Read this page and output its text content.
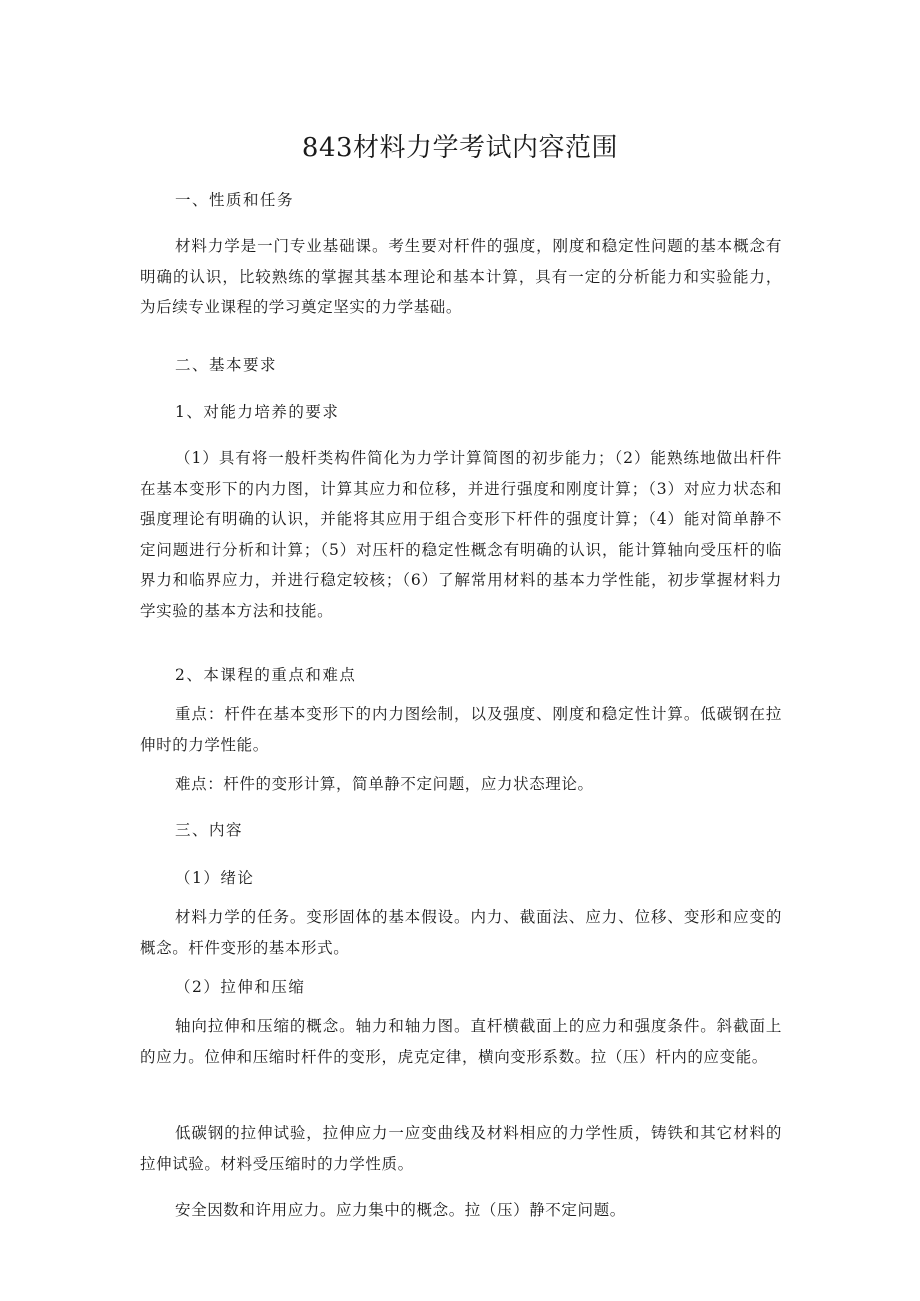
843材料力学考试内容范围

一、性质和任务

材料力学是一门专业基础课。考生要对杆件的强度，刚度和稳定性问题的基本概念有明确的认识，比较熟练的掌握其基本理论和基本计算，具有一定的分析能力和实验能力，为后续专业课程的学习奠定坚实的力学基础。

二、基本要求

1、对能力培养的要求

（1）具有将一般杆类构件简化为力学计算简图的初步能力；（2）能熟练地做出杆件在基本变形下的内力图，计算其应力和位移，并进行强度和刚度计算；（3）对应力状态和强度理论有明确的认识，并能将其应用于组合变形下杆件的强度计算；（4）能对简单静不定问题进行分析和计算；（5）对压杆的稳定性概念有明确的认识，能计算轴向受压杆的临界力和临界应力，并进行稳定较核；（6）了解常用材料的基本力学性能，初步掌握材料力学实验的基本方法和技能。

2、本课程的重点和难点

重点：杆件在基本变形下的内力图绘制，以及强度、刚度和稳定性计算。低碳钢在拉伸时的力学性能。

难点：杆件的变形计算，简单静不定问题，应力状态理论。

三、内容

（1）绪论

材料力学的任务。变形固体的基本假设。内力、截面法、应力、位移、变形和应变的概念。杆件变形的基本形式。

（2）拉伸和压缩

轴向拉伸和压缩的概念。轴力和轴力图。直杆横截面上的应力和强度条件。斜截面上的应力。位伸和压缩时杆件的变形，虎克定律，横向变形系数。拉（压）杆内的应变能。

低碳钢的拉伸试验，拉伸应力一应变曲线及材料相应的力学性质，铸铁和其它材料的拉伸试验。材料受压缩时的力学性质。

安全因数和许用应力。应力集中的概念。拉（压）静不定问题。
